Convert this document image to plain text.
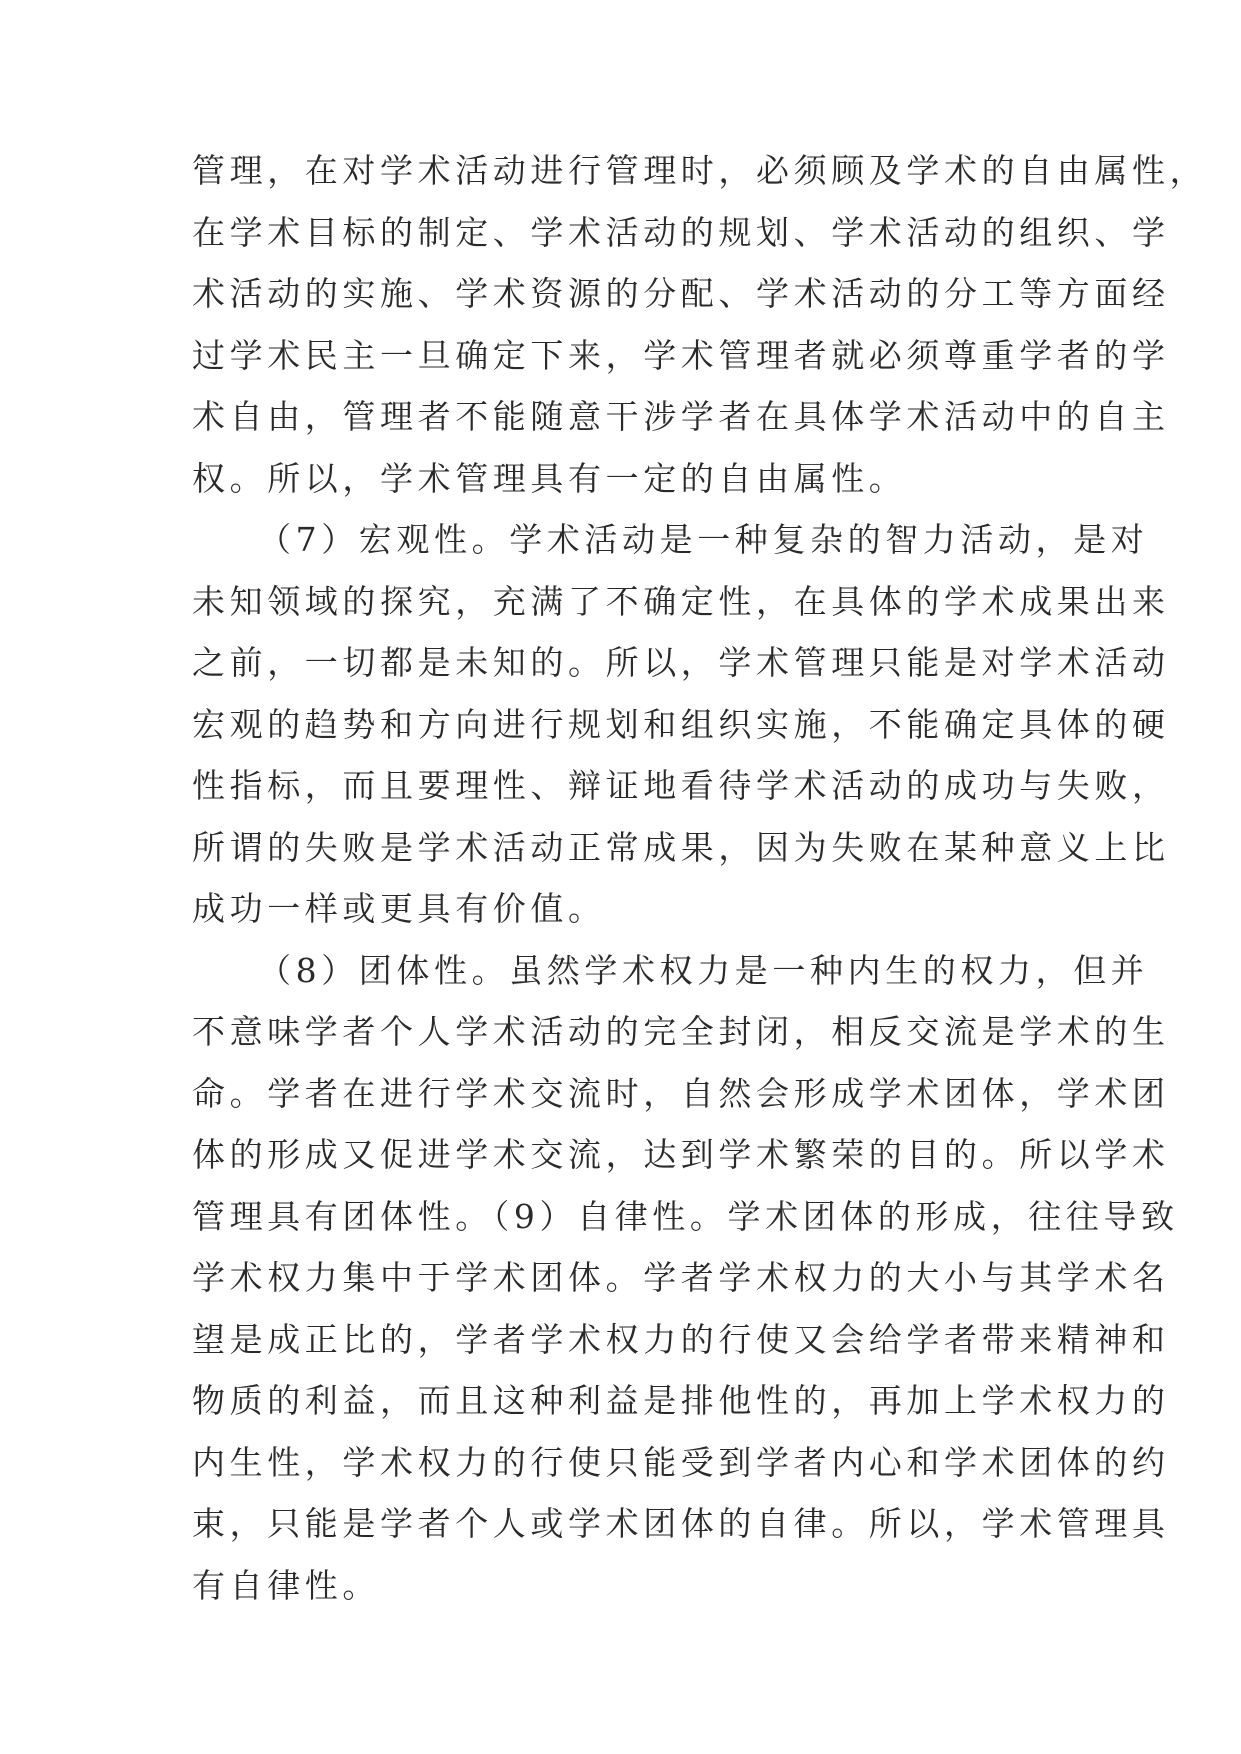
管理，在对学术活动进行管理时，必须顾及学术的自由属性，
在学术目标的制定、学术活动的规划、学术活动的组织、学
术活动的实施、学术资源的分配、学术活动的分工等方面经
过学术民主一旦确定下来，学术管理者就必须尊重学者的学
术自由，管理者不能随意干涉学者在具体学术活动中的自主
权。所以，学术管理具有一定的自由属性。
（7）宏观性。学术活动是一种复杂的智力活动，是对
未知领域的探究，充满了不确定性，在具体的学术成果出来
之前，一切都是未知的。所以，学术管理只能是对学术活动
宏观的趋势和方向进行规划和组织实施，不能确定具体的硬
性指标，而且要理性、辩证地看待学术活动的成功与失败，
所谓的失败是学术活动正常成果，因为失败在某种意义上比
成功一样或更具有价值。
（8）团体性。虽然学术权力是一种内生的权力，但并
不意味学者个人学术活动的完全封闭，相反交流是学术的生
命。学者在进行学术交流时，自然会形成学术团体，学术团
体的形成又促进学术交流，达到学术繁荣的目的。所以学术
管理具有团体性。（9）自律性。学术团体的形成，往往导致
学术权力集中于学术团体。学者学术权力的大小与其学术名
望是成正比的，学者学术权力的行使又会给学者带来精神和
物质的利益，而且这种利益是排他性的，再加上学术权力的
内生性，学术权力的行使只能受到学者内心和学术团体的约
束，只能是学者个人或学术团体的自律。所以，学术管理具
有自律性。
